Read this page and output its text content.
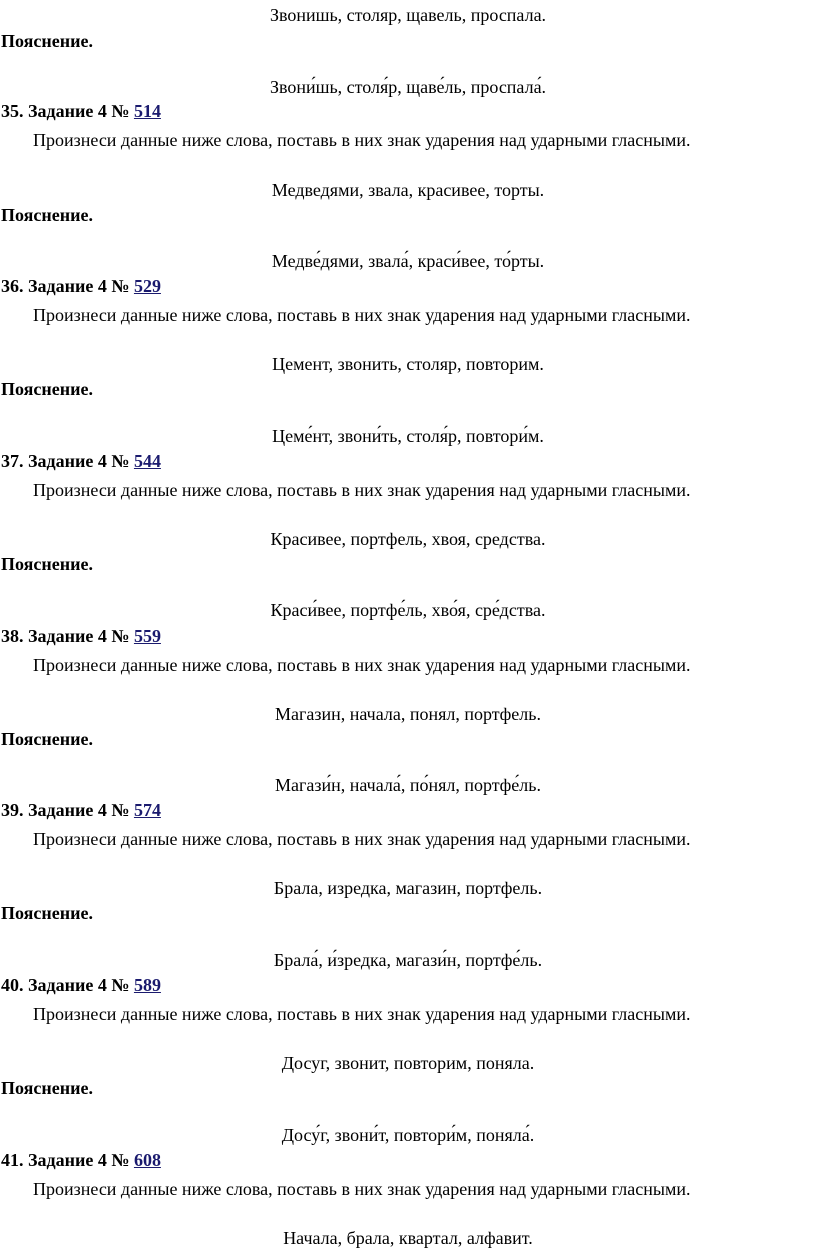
Звонишь, столяр, щавель, проспала.
Пояснение.
Звони́шь, столя́р, щаве́ль, проспала́.
35. Задание 4 № 514
Произнеси данные ниже слова, поставь в них знак ударения над ударными гласными.
Медведями, звала, красивее, торты.
Пояснение.
Медве́дями, звала́, краси́вее, то́рты.
36. Задание 4 № 529
Произнеси данные ниже слова, поставь в них знак ударения над ударными гласными.
Цемент, звонить, столяр, повторим.
Пояснение.
Цеме́нт, звони́ть, столя́р, повтори́м.
37. Задание 4 № 544
Произнеси данные ниже слова, поставь в них знак ударения над ударными гласными.
Красивее, портфель, хвоя, средства.
Пояснение.
Краси́вее, портфе́ль, хво́я, сре́дства.
38. Задание 4 № 559
Произнеси данные ниже слова, поставь в них знак ударения над ударными гласными.
Магазин, начала, понял, портфель.
Пояснение.
Магази́н, начала́, по́нял, портфе́ль.
39. Задание 4 № 574
Произнеси данные ниже слова, поставь в них знак ударения над ударными гласными.
Брала, изредка, магазин, портфель.
Пояснение.
Брала́, и́зредка, магази́н, портфе́ль.
40. Задание 4 № 589
Произнеси данные ниже слова, поставь в них знак ударения над ударными гласными.
Досуг, звонит, повторим, поняла.
Пояснение.
Досу́г, звони́т, повтори́м, поняла́.
41. Задание 4 № 608
Произнеси данные ниже слова, поставь в них знак ударения над ударными гласными.
Начала, брала, квартал, алфавит.
